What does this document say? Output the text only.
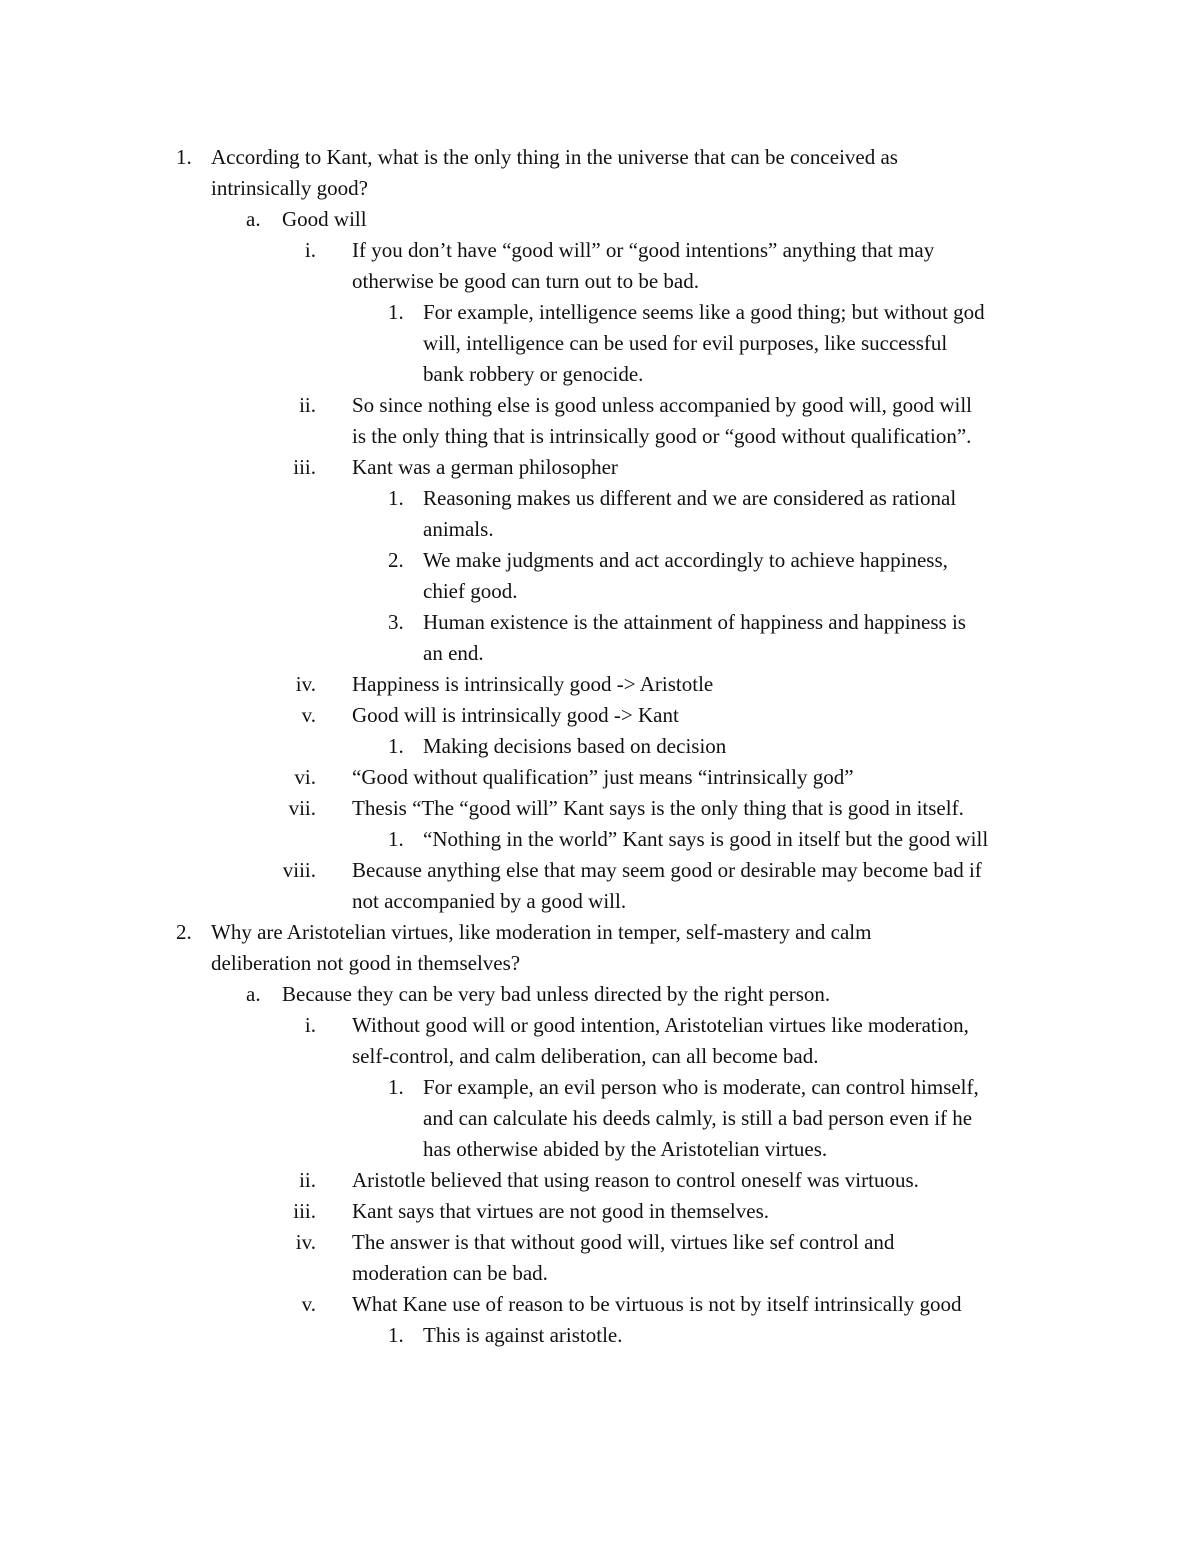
1. According to Kant, what is the only thing in the universe that can be conceived as
intrinsically good?
a. Good will
i. If you don’t have “good will” or “good intentions” anything that may
otherwise be good can turn out to be bad.
1. For example, intelligence seems like a good thing; but without god
will, intelligence can be used for evil purposes, like successful
bank robbery or genocide.
ii. So since nothing else is good unless accompanied by good will, good will
is the only thing that is intrinsically good or “good without qualification”.
iii. Kant was a german philosopher
1. Reasoning makes us different and we are considered as rational
animals.
2. We make judgments and act accordingly to achieve happiness,
chief good.
3. Human existence is the attainment of happiness and happiness is
an end.
iv. Happiness is intrinsically good -> Aristotle
v. Good will is intrinsically good -> Kant
1. Making decisions based on decision
vi. “Good without qualification” just means “intrinsically god”
vii. Thesis “The “good will” Kant says is the only thing that is good in itself.
1. “Nothing in the world” Kant says is good in itself but the good will
viii. Because anything else that may seem good or desirable may become bad if
not accompanied by a good will.
2. Why are Aristotelian virtues, like moderation in temper, self-mastery and calm
deliberation not good in themselves?
a. Because they can be very bad unless directed by the right person.
i. Without good will or good intention, Aristotelian virtues like moderation,
self-control, and calm deliberation, can all become bad.
1. For example, an evil person who is moderate, can control himself,
and can calculate his deeds calmly, is still a bad person even if he
has otherwise abided by the Aristotelian virtues.
ii. Aristotle believed that using reason to control oneself was virtuous.
iii. Kant says that virtues are not good in themselves.
iv. The answer is that without good will, virtues like sef control and
moderation can be bad.
v. What Kane use of reason to be virtuous is not by itself intrinsically good
1. This is against aristotle.
